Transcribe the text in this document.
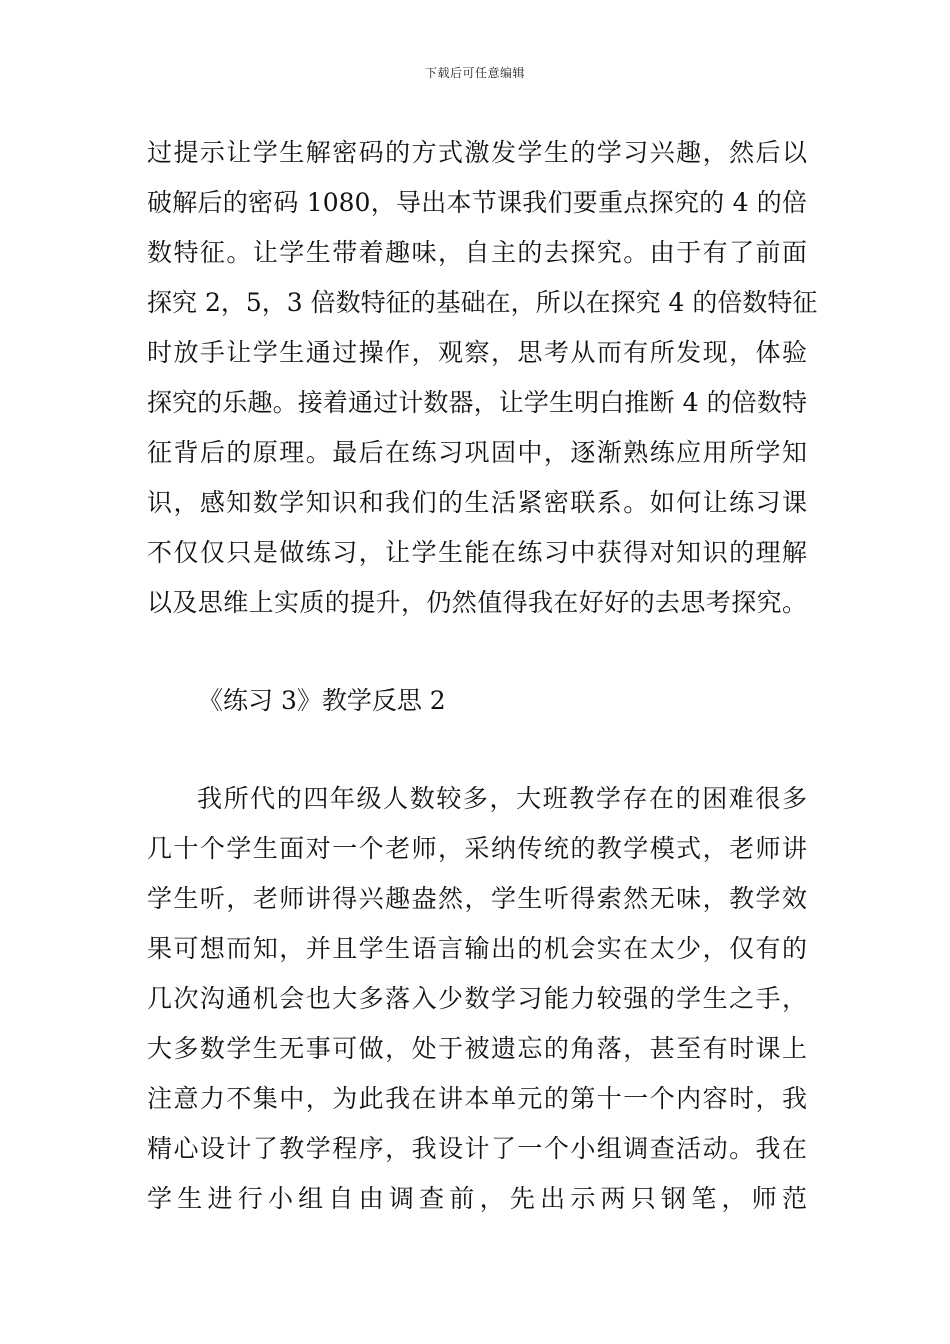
下载后可任意编辑
过提示让学生解密码的方式激发学生的学习兴趣，然后以
破解后的密码 1080，导出本节课我们要重点探究的 4 的倍
数特征。让学生带着趣味，自主的去探究。由于有了前面
探究 2，5，3 倍数特征的基础在，所以在探究 4 的倍数特征
时放手让学生通过操作，观察，思考从而有所发现，体验
探究的乐趣。接着通过计数器，让学生明白推断 4 的倍数特
征背后的原理。最后在练习巩固中，逐渐熟练应用所学知
识，感知数学知识和我们的生活紧密联系。如何让练习课
不仅仅只是做练习，让学生能在练习中获得对知识的理解
以及思维上实质的提升，仍然值得我在好好的去思考探究。
《练习 3》教学反思 2
我所代的四年级人数较多，大班教学存在的困难很多
几十个学生面对一个老师，采纳传统的教学模式，老师讲
学生听，老师讲得兴趣盎然，学生听得索然无味，教学效
果可想而知，并且学生语言输出的机会实在太少，仅有的
几次沟通机会也大多落入少数学习能力较强的学生之手，
大多数学生无事可做，处于被遗忘的角落，甚至有时课上
注意力不集中，为此我在讲本单元的第十一个内容时，我
精心设计了教学程序，我设计了一个小组调查活动。我在
学生进行小组自由调查前，先出示两只钢笔，师范
